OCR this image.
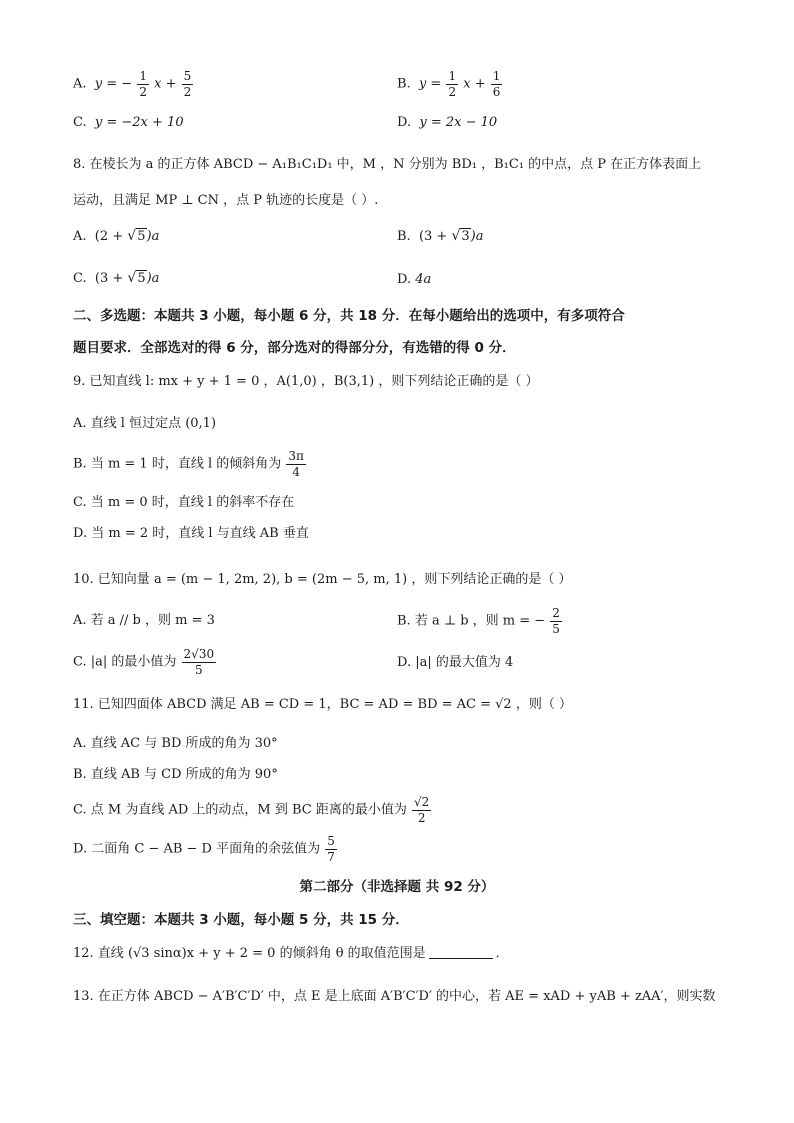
A. y = − $\frac{1}{2}$ $x + \frac{5}{2}$	B. $y = \frac{1}{2}$ $x + \frac{1}{6}$
C. y = −2x + 10	D. y = 2x − 10
8. 在棱长为 a 的正方体 ABCD − A₁B₁C₁D₁ 中，M ，N 分别为 BD₁ ，B₁C₁ 的中点，点 P 在正方体表面上
运动，且满足 MP ⊥ CN ，点 P 轨迹的长度是（ ）.
A. (2 + √5)a	B. (3 + √3)a
C. (3 + √5)a	D. 4a
二、多选题：本题共 3 小题，每小题 6 分，共 18 分．在每小题给出的选项中，有多项符合
题目要求．全部选对的得 6 分，部分选对的得部分分，有选错的得 0 分．
9. 已知直线 l: mx + y + 1 = 0 ，A(1,0) ，B(3,1) ，则下列结论正确的是（ ）
A. 直线 l 恒过定点 (0,1)
B. 当 m = 1 时，直线 l 的倾斜角为 $\frac{3\pi}{4}$
C. 当 m = 0 时，直线 l 的斜率不存在
D. 当 m = 2 时，直线 l 与直线 AB 垂直
10. 已知向量 a = (m − 1, 2m, 2), b = (2m − 5, m, 1) ，则下列结论正确的是（ ）
A. 若 a // b ，则 m = 3	B. 若 a ⊥ b ，则 m = − $\frac{2}{5}$
C. |a| 的最小值为 $\frac{2√30}{5}$	D. |a| 的最大值为 4
11. 已知四面体 ABCD 满足 AB = CD = 1，BC = AD = BD = AC = √2 ，则（ ）
A. 直线 AC 与 BD 所成的角为 30°
B. 直线 AB 与 CD 所成的角为 90°
C. 点 M 为直线 AD 上的动点，M 到 BC 距离的最小值为 $\frac{√2}{2}$
D. 二面角 C − AB − D 平面角的余弦值为 $\frac{5}{7}$
第二部分（非选择题 共 92 分）
三、填空题：本题共 3 小题，每小题 5 分，共 15 分．
12. 直线 (√3 sinα)x + y + 2 = 0 的倾斜角 θ 的取值范围是	．
13. 在正方体 ABCD − A′B′C′D′ 中，点 E 是上底面 A′B′C′D′ 的中心，若 AE = xAD + yAB + zAA′，则实数
